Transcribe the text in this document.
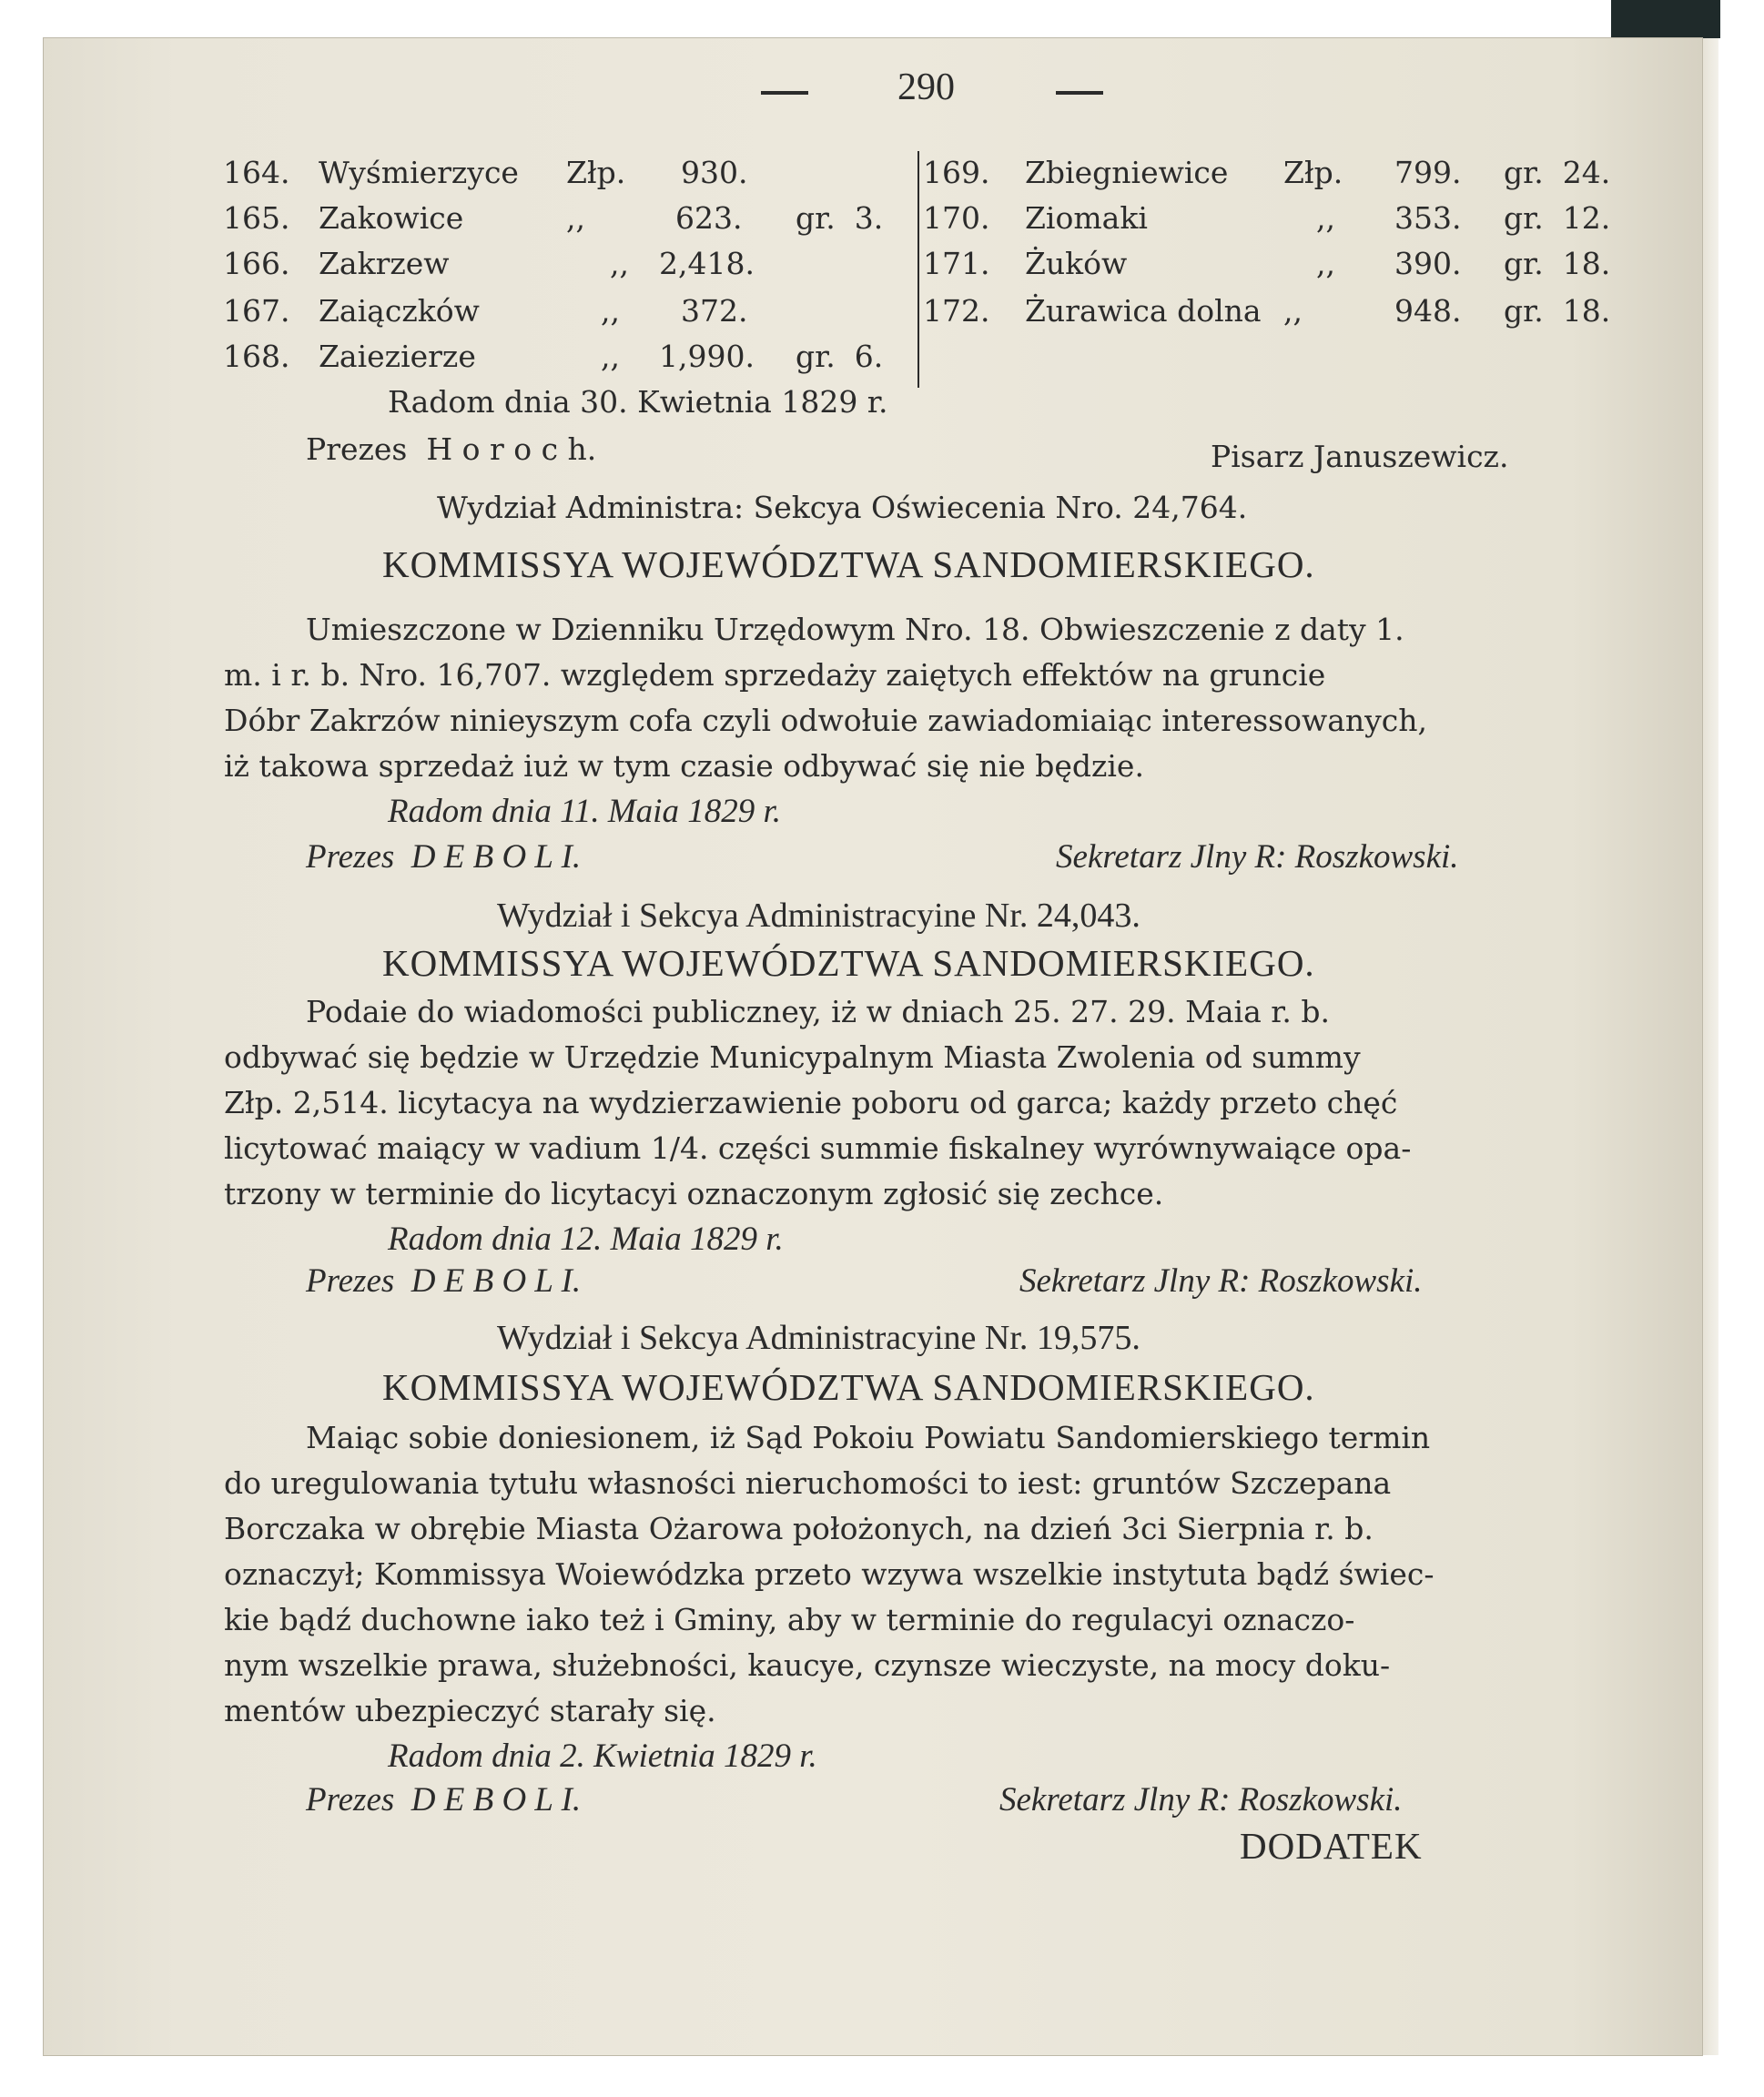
290
164. Wyśmierzyce Złp. 930.
165. Zakowice	,,	623. gr.  3.
166. Zakrzew	,, 2,418.
167. Zaiączków	,, 372.
168. Zaiezierze	,, 1,990. gr.  6.
169. Zbiegniewice Złp. 799. gr.  24.
170. Ziomaki	,, 353. gr.  12.
171. Żuków	,, 390. gr.  18.
172. Żurawica dolna ,,	948. gr.  18.
Radom dnia 30. Kwietnia 1829 r.
Prezes  H o r o c h.	Pisarz Januszewicz.
Wydział Administra: Sekcya Oświecenia Nro. 24,764.
KOMMISSYA WOJEWÓDZTWA SANDOMIERSKIEGO.
Umieszczone w Dzienniku Urzędowym Nro. 18. Obwieszczenie z daty 1.
m. i r. b. Nro. 16,707. względem sprzedaży zaiętych effektów na gruncie
Dóbr Zakrzów ninieyszym cofa czyli odwołuie zawiadomiaiąc interessowanych,
iż takowa sprzedaż iuż w tym czasie odbywać się nie będzie.
Radom dnia 11. Maia 1829 r.
Prezes  D E B O L I.	Sekretarz Jlny R: Roszkowski.
Wydział i Sekcya Administracyine Nr. 24,043.
KOMMISSYA WOJEWÓDZTWA SANDOMIERSKIEGO.
Podaie do wiadomości publiczney, iż w dniach 25. 27. 29. Maia r. b.
odbywać się będzie w Urzędzie Municypalnym Miasta Zwolenia od summy
Złp. 2,514. licytacya na wydzierzawienie poboru od garca; każdy przeto chęć
licytować maiący w vadium 1/4. części summie fiskalney wyrównywaiące opa-
trzony w terminie do licytacyi oznaczonym zgłosić się zechce.
Radom dnia 12. Maia 1829 r.
Prezes  D E B O L I.	Sekretarz Jlny R: Roszkowski.
Wydział i Sekcya Administracyine Nr. 19,575.
KOMMISSYA WOJEWÓDZTWA SANDOMIERSKIEGO.
Maiąc sobie doniesionem, iż Sąd Pokoiu Powiatu Sandomierskiego termin
do uregulowania tytułu własności nieruchomości to iest: gruntów Szczepana
Borczaka w obrębie Miasta Ożarowa położonych, na dzień 3ci Sierpnia r. b.
oznaczył; Kommissya Woiewódzka przeto wzywa wszelkie instytuta bądź świec-
kie bądź duchowne iako też i Gminy, aby w terminie do regulacyi oznaczo-
nym wszelkie prawa, służebności, kaucye, czynsze wieczyste, na mocy doku-
mentów ubezpieczyć starały się.
Radom dnia 2. Kwietnia 1829 r.
Prezes  D E B O L I.	Sekretarz Jlny R: Roszkowski.
DODATEK
